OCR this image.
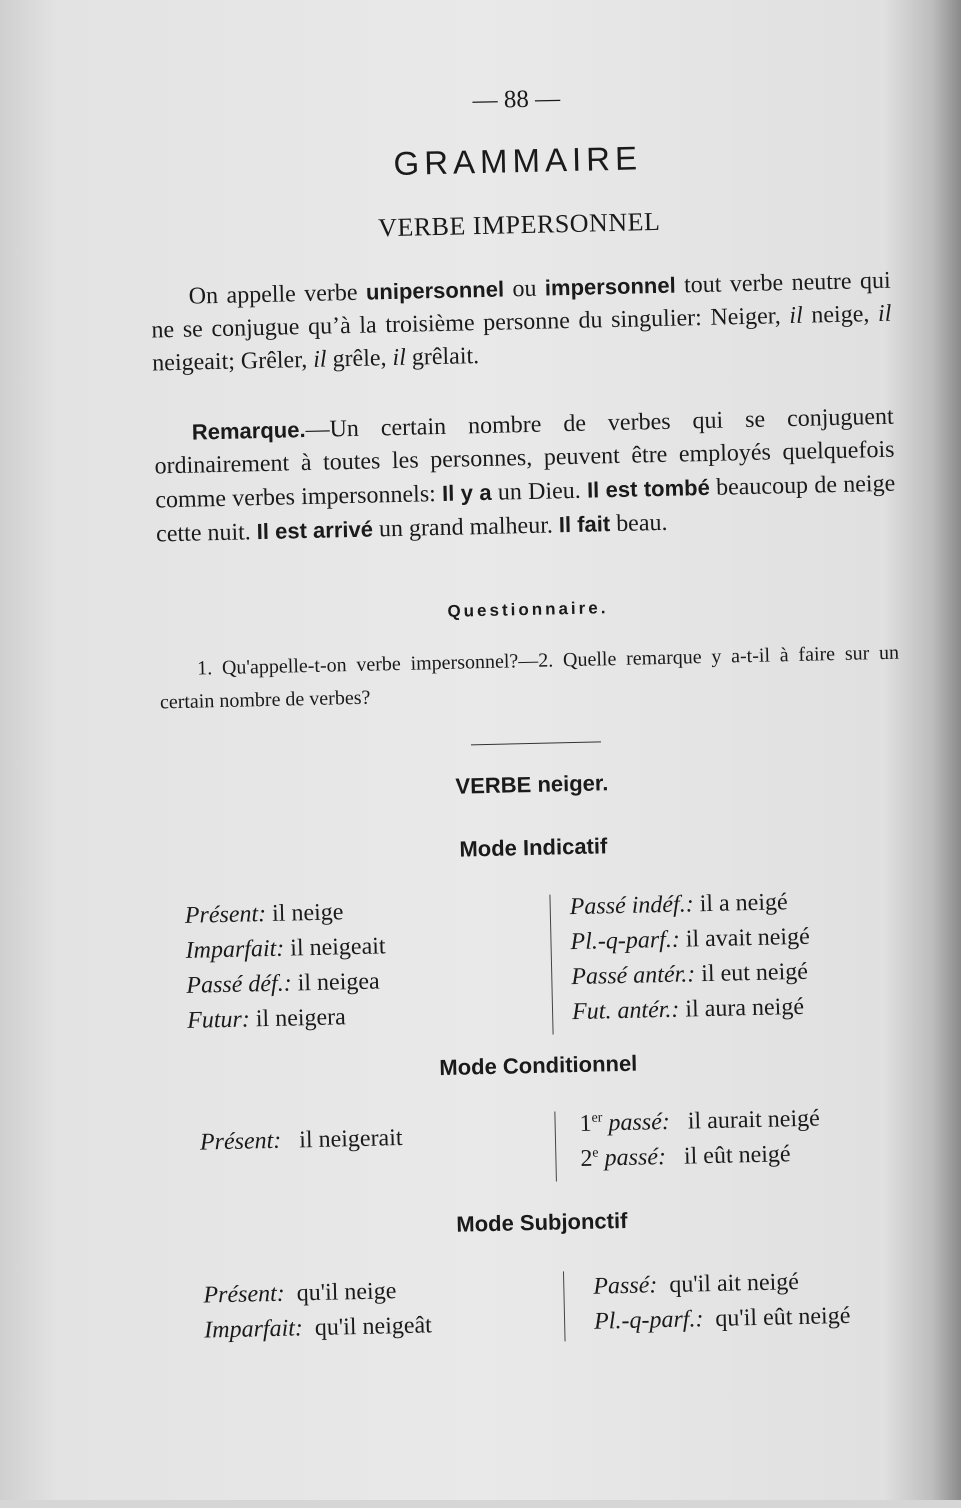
— 88 —
GRAMMAIRE
VERBE IMPERSONNEL
On appelle verbe unipersonnel ou impersonnel tout verbe neutre qui ne se conjugue qu’à la troisième personne du singulier: Neiger, il neige, il neigeait; Grêler, il grêle, il grêlait.
Remarque.—Un certain nombre de verbes qui se conjuguent ordinairement à toutes les personnes, peuvent être employés quelquefois comme verbes impersonnels: Il y a un Dieu. Il est tombé beaucoup de neige cette nuit. Il est arrivé un grand malheur. Il fait beau.
Questionnaire.
1. Qu'appelle-t-on verbe impersonnel?—2. Quelle remarque y a-t-il à faire sur un certain nombre de verbes?
VERBE neiger.
Mode Indicatif
Présent: il neige
Imparfait: il neigeait
Passé déf.: il neigea
Futur: il neigera
Passé indéf.: il a neigé
Pl.-q-parf.: il avait neigé
Passé antér.: il eut neigé
Fut. antér.: il aura neigé
Mode Conditionnel
Présent: il neigerait
1er passé: il aurait neigé
2e passé: il eût neigé
Mode Subjonctif
Présent: qu'il neige
Imparfait: qu'il neigeât
Passé: qu'il ait neigé
Pl.-q-parf.: qu'il eût neigé
